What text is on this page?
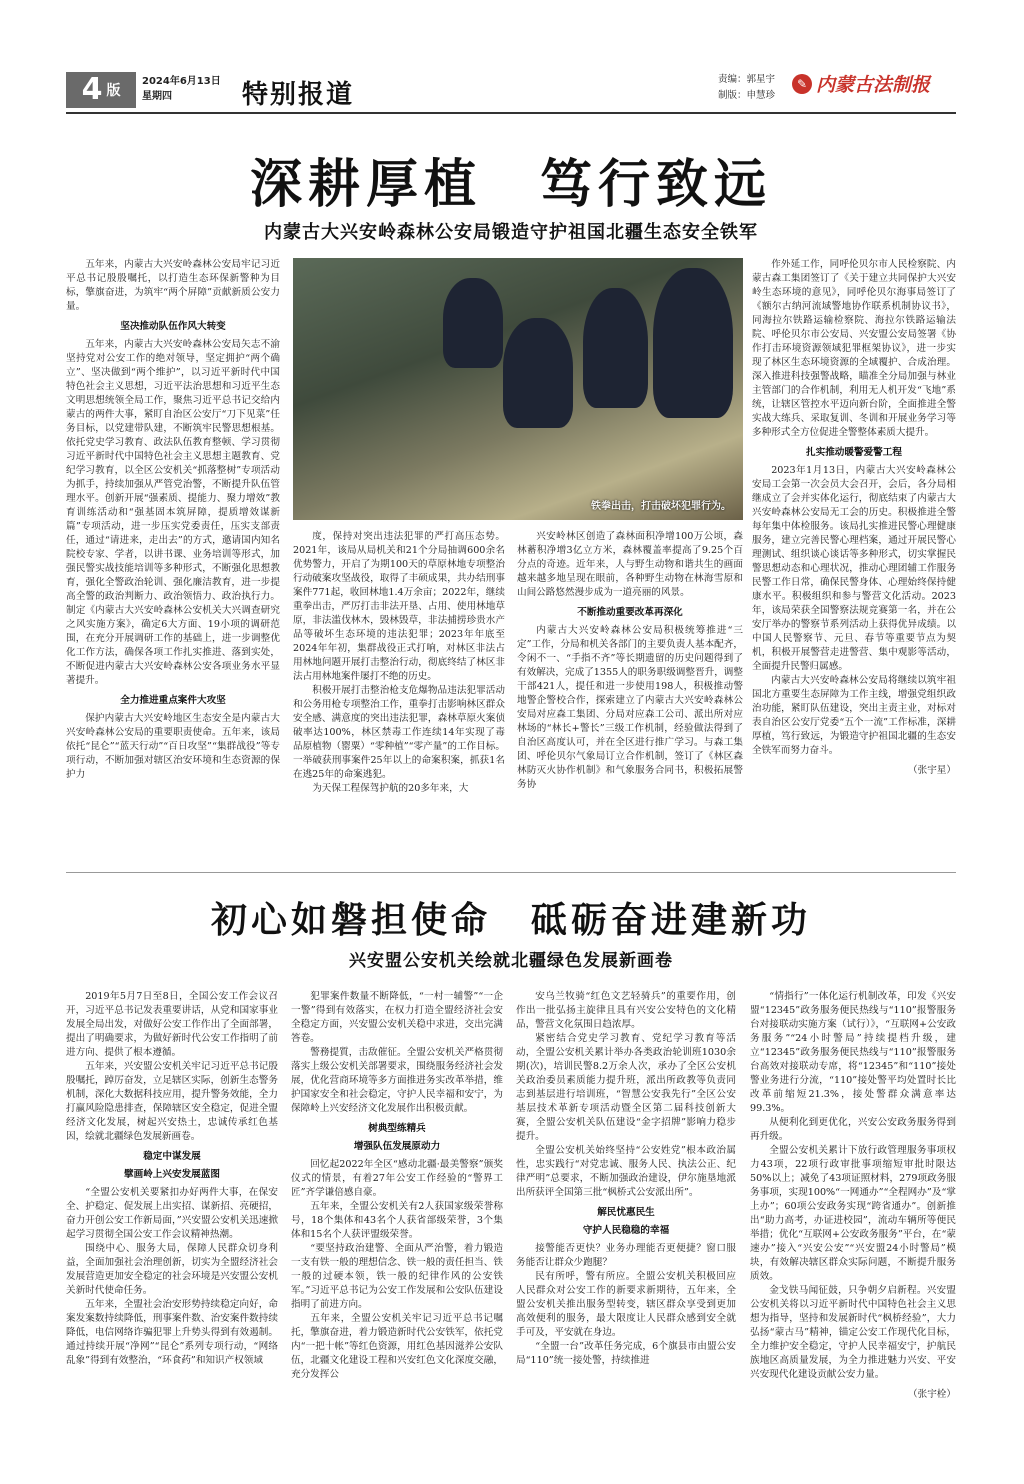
4 版
2024年6月13日
星期四	特别报道
责编：郭星宇
制版：申慧珍
✎ 内蒙古法制报
深耕厚植　笃行致远
内蒙古大兴安岭森林公安局锻造守护祖国北疆生态安全铁军

五年来，内蒙古大兴安岭森林公安局牢记习近平总书记殷殷嘱托，以打造生态环保新警种为目标，擎旗奋进，为筑牢“两个屏障”贡献新质公安力量。

坚决推动队伍作风大转变

五年来，内蒙古大兴安岭森林公安局矢志不渝坚持党对公安工作的绝对领导，坚定拥护“两个确立”、坚决做到“两个维护”，以习近平新时代中国特色社会主义思想，习近平法治思想和习近平生态文明思想统领全局工作，聚焦习近平总书记交给内蒙古的两件大事，紧盯自治区公安厅“刀下见菜”任务目标，以党建带队建，不断筑牢民警思想根基。依托党史学习教育、政法队伍教育整顿、学习贯彻习近平新时代中国特色社会主义思想主题教育、党纪学习教育，以全区公安机关“抓落整树”专项活动为抓手，持续加强从严管党治警，不断提升队伍管理水平。创新开展“强素质、提能力、聚力增效”教育训练活动和“强基固本筑屏障，提质增效谋新篇”专项活动，进一步压实党委责任，压实支部责任，通过“请进来，走出去”的方式，邀请国内知名院校专家、学者，以讲书课、业务培训等形式，加强民警实战技能培训等多种形式，不断强化思想教育，强化全警政治轮训、强化廉洁教育，进一步提高全警的政治判断力、政治领悟力、政治执行力。制定《内蒙古大兴安岭森林公安机关大兴调查研究之风实施方案》，确定6大方面、19小项的调研范围，在充分开展调研工作的基础上，进一步调整优化工作方法，确保各项工作扎实推进、落到实处，不断促进内蒙古大兴安岭森林公安各项业务水平显著提升。

全力推进重点案件大攻坚

保护内蒙古大兴安岭地区生态安全是内蒙古大兴安岭森林公安局的重要职责使命。五年来，该局依托“昆仑”“蓝天行动”“百日攻坚”“集群战役”等专项行动，不断加强对辖区治安环境和生态资源的保护力

铁拳出击，打击破坏犯罪行为。

度，保持对突出违法犯罪的严打高压态势。2021年，该局从局机关和21个分局抽调600余名优势警力，开启了为期100天的草原林地专项整治行动破案攻坚战役，取得了丰硕成果，共办结刑事案件771起，收回林地1.4万余亩；2022年，继续重拳出击，严厉打击非法开垦、占用、使用林地草原，非法滥伐林木，毁林毁草，非法捕捞珍贵水产品等破坏生态环境的违法犯罪；2023年年底至2024年年初，集群战役正式打响，对林区非法占用林地问题开展打击整治行动，彻底终结了林区非法占用林地案件屡打不绝的历史。

积极开展打击整治枪支危爆物品违法犯罪活动和公务用枪专项整治工作，重拳打击影响林区群众安全感、满意度的突出违法犯罪，森林草原火案侦破率达100%，林区禁毒工作连续14年实现了毒品原植物（罂粟）“零种植”“零产量”的工作目标。一举破获刑事案件25年以上的命案积案，抓获1名在逃25年的命案逃犯。

为天保工程保驾护航的20多年来，大

兴安岭林区创造了森林面积净增100万公顷，森林蓄积净增3亿立方米，森林覆盖率提高了9.25个百分点的奇迹。近年来，人与野生动物和谐共生的画面越来越多地呈现在眼前，各种野生动物在林海雪原和山间公路悠然漫步成为一道亮丽的风景。

不断推动重要改革再深化

内蒙古大兴安岭森林公安局积极统筹推进“三定”工作，分局和机关各部门的主要负责人基本配齐，令闲不一、“手指不齐”等长期遗留的历史问题得到了有效解决，完成了1355人的职务职级调整晋升，调整干部421人，提任和进一步使用198人，积极推动警地警企警校合作，探索建立了内蒙古大兴安岭森林公安局对应森工集团、分局对应森工公司、派出所对应林场的“林长+警长”三级工作机制，经验做法得到了自治区高度认可，并在全区进行推广学习。与森工集团、呼伦贝尔气象局订立合作机制，签订了《林区森林防灭火协作机制》和气象服务合同书，积极拓展警务协

作外延工作，同呼伦贝尔市人民检察院、内蒙古森工集团签订了《关于建立共同保护大兴安岭生态环境的意见》，同呼伦贝尔海事局签订了《额尔古纳河流域警地协作联系机制协议书》，同海拉尔铁路运输检察院、海拉尔铁路运输法院、呼伦贝尔市公安局、兴安盟公安局签署《协作打击环境资源领域犯罪框架协议》，进一步实现了林区生态环境资源的全域覆护、合成治理。深入推进科技强警战略，瞄准全分局加强与林业主管部门的合作机制，利用无人机开发“飞地”系统，让辖区管控水平迈向新台阶，全面推进全警实战大练兵、采取复训、冬训和开展业务学习等多种形式全方位促进全警整体素质大提升。

扎实推动暖警爱警工程

2023年1月13日，内蒙古大兴安岭森林公安局工会第一次会员大会召开，会后，各分局相继成立了会并实体化运行，彻底结束了内蒙古大兴安岭森林公安局无工会的历史。积极推进全警每年集中体检服务。该局扎实推进民警心理健康服务，建立完善民警心理档案，通过开展民警心理测试、组织谈心谈话等多种形式，切实掌握民警思想动态和心理状况，推动心理团辅工作服务民警工作日常，确保民警身体、心理始终保持健康水平。积极组织和参与警营文化活动。2023年，该局荣获全国警察法规竞赛第一名，并在公安厅举办的警察节系列活动上获得优异成绩。以中国人民警察节、元旦、春节等重要节点为契机，积极开展警营走进警营、集中观影等活动，全面提升民警归属感。

内蒙古大兴安岭森林公安局将继续以筑牢祖国北方重要生态屏障为工作主线，增强党组织政治功能，紧盯队伍建设，突出主责主业，对标对表自治区公安厅党委“五个一流”工作标准，深耕厚植，笃行致远，为锻造守护祖国北疆的生态安全铁军而努力奋斗。

（张宇星）

初心如磐担使命　砥砺奋进建新功
兴安盟公安机关绘就北疆绿色发展新画卷

2019年5月7日至8日，全国公安工作会议召开，习近平总书记发表重要讲话，从党和国家事业发展全局出发，对做好公安工作作出了全面部署，提出了明确要求，为做好新时代公安工作指明了前进方向、提供了根本遵循。

五年来，兴安盟公安机关牢记习近平总书记殷殷嘱托，踔厉奋发，立足辖区实际，创新生态警务机制，深化大数据科技应用，提升警务效能，全力打赢风险隐患排查，保障辖区安全稳定，促进全盟经济文化发展，树起兴安热土，忠诚传承红色基因，绘就北疆绿色发展新画卷。

稳定中谋发展

擘画岭上兴安发展蓝图

“全盟公安机关要紧扣办好两件大事，在保安全、护稳定、促发展上出实招、谋新招、亮硬招，奋力开创公安工作新局面，”兴安盟公安机关迅速掀起学习贯彻全国公安工作会议精神热潮。

围绕中心、服务大局，保障人民群众切身利益，全面加强社会治理创新，切实为全盟经济社会发展营造更加安全稳定的社会环境是兴安盟公安机关新时代使命任务。

五年来，全盟社会治安形势持续稳定向好，命案发案数持续降低，刑事案件数、治安案件数持续降低，电信网络诈骗犯罪上升势头得到有效遏制。通过持续开展“净网”“昆仑”系列专项行动，“网络乱象”得到有效整治，“环食药”和知识产权领域

犯罪案件数量不断降低，“一村一辅警”“一企一警”得到有效落实，在权力打造全盟经济社会安全稳定方面，兴安盟公安机关稳中求进，交出完满答卷。

警務提質，击敌催征。全盟公安机关严格贯彻落实上级公安机关部署要求，围绕服务经济社会发展，优化营商环境等多方面推进务实改革举措，维护国家安全和社会稳定，守护人民幸福和安宁，为保障岭上兴安经济文化发展作出积极贡献。

树典型练精兵

增强队伍发展原动力

回忆起2022年全区“感动北疆·最美警察”颁奖仪式的情景，有着27年公安工作经验的“警界工匠”齐学谦倍感自豪。

五年来，全盟公安机关有2人获国家级荣誉称号，18个集体和43名个人获省部级荣誉，3个集体和15名个人获评盟级荣誉。

“要坚持政治建警、全面从严治警，着力锻造一支有铁一般的理想信念、铁一般的责任担当、铁一般的过硬本领，铁一般的纪律作风的公安铁军。”习近平总书记为公安工作发展和公安队伍建设指明了前进方向。

五年来，全盟公安机关牢记习近平总书记嘱托，擎旗奋进，着力锻造新时代公安铁军，依托党内“一把十帐”等红色资源，用红色基因滋养公安队伍，北疆文化建设工程和兴安红色文化深度交融，充分发挥公

安乌兰牧骑“红色文艺轻骑兵”的重要作用，创作出一批弘扬主旋律且具有兴安公安特色的文化精品，警营文化氛围日趋浓厚。

紧密结合党史学习教育、党纪学习教育等活动，全盟公安机关累计举办各类政治轮训班1030余期(次)，培训民警8.2万余人次，承办了全区公安机关政治委员素质能力提升班，派出所政教等负责同志到基层进行培训班，“智慧公安我先行”全区公安基层技术革新专项活动暨全区第二届科技创新大赛，全盟公安机关队伍建设“金字招牌”影响力稳步提升。

全盟公安机关始终坚持“公安姓党”根本政治属性，忠实践行“对党忠诚、服务人民、执法公正、纪律严明”总要求，不断加强政治建设，伊尔施垦地派出所获评全国第三批“枫桥式公安派出所”。

解民忧惠民生

守护人民稳稳的幸福

接警能否更快？业务办理能否更便捷？窗口服务能否让群众少跑腿？

民有所呼，警有所应。全盟公安机关积极回应人民群众对公安工作的新要求新期待，五年来，全盟公安机关推出服务型转变，辖区群众享受到更加高效便利的服务，最大限度让人民群众感到安全就手可及，平安就在身边。

“全盟一台”改革任务完成，6个旗县市由盟公安局“110”统一接处警，持续推进

“情指行”一体化运行机制改革，印发《兴安盟“12345”政务服务便民热线与“110”报警服务台对接联动实施方案（试行）》，“互联网+公安政务服务”“24小时警局”持续提档升级，建立“12345”政务服务便民热线与“110”报警服务台高效对接联动专席，将“12345”和“110”接处警业务进行分流，“110”接处警平均处置时长比改革前缩短21.3%，接处警群众满意率达99.3%。

从便利化到更优化，兴安公安政务服务得到再升级。

全盟公安机关累计下放行政管理服务事项权力43项，22项行政审批事项缩短审批时限达50%以上；减免了43项证照材料，279项政务服务事项，实现100%“一网通办”“全程网办”及“掌上办”；60项公安政务实现“跨省通办”。创新推出“助力高考，办证进校园”，流动车辆所等便民举措；优化“互联网+公安政务服务”平台，在“蒙速办”接入“兴安公安”“兴安盟24小时警局”模块，有效解决辖区群众实际问题，不断提升服务质效。

金戈铁马闻征鼓，只争朝夕启新程。兴安盟公安机关将以习近平新时代中国特色社会主义思想为指导，坚持和发展新时代“枫桥经验”，大力弘扬“蒙古马”精神，锚定公安工作现代化目标，全力维护安全稳定，守护人民幸福安宁，护航民族地区高质量发展，为全力推进魅力兴安、平安兴安现代化建设贡献公安力量。

（张宇栓）
